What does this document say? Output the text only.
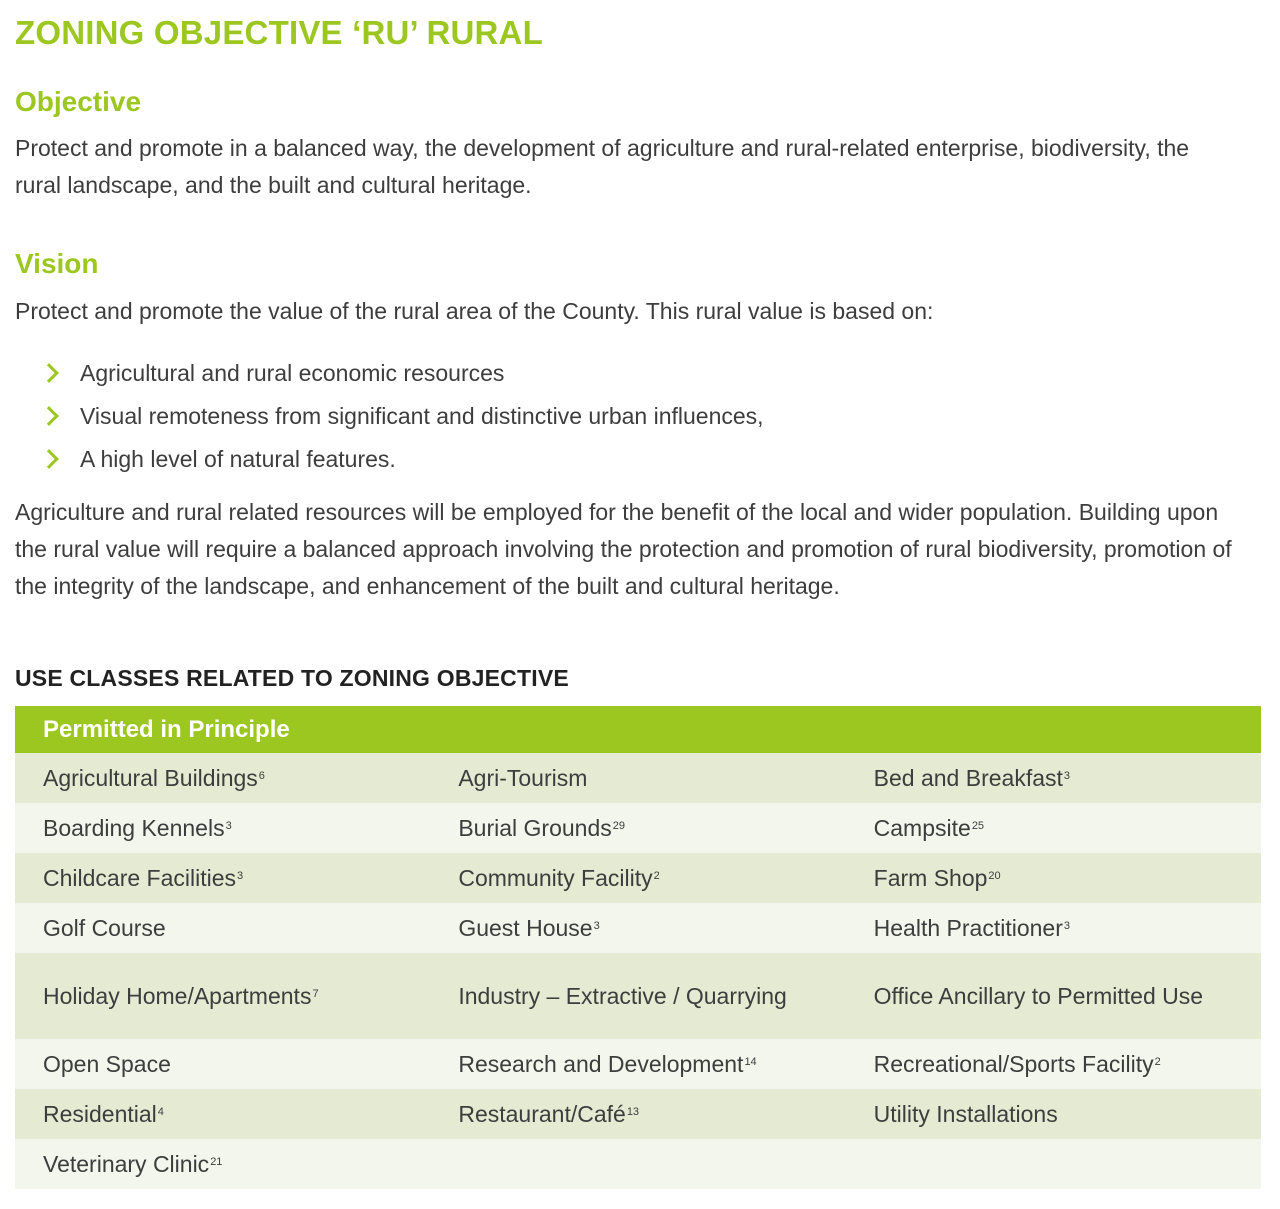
ZONING OBJECTIVE ‘RU’ RURAL
Objective

Protect and promote in a balanced way, the development of agriculture and rural-related enterprise, biodiversity, the rural landscape, and the built and cultural heritage.

Vision

Protect and promote the value of the rural area of the County. This rural value is based on:

Agricultural and rural economic resources
Visual remoteness from significant and distinctive urban influences,
A high level of natural features.

Agriculture and rural related resources will be employed for the benefit of the local and wider population. Building upon the rural value will require a balanced approach involving the protection and promotion of rural biodiversity, promotion of the integrity of the landscape, and enhancement of the built and cultural heritage.

USE CLASSES RELATED TO ZONING OBJECTIVE
Permitted in Principle		
Agricultural Buildings$^6$	Agri-Tourism	Bed and Breakfast$^3$
Boarding Kennels$^3$	Burial Grounds$^{29}$	Campsite$^{25}$
Childcare Facilities$^3$	Community Facility$^2$	Farm Shop$^{20}$
Golf Course	Guest House$^3$	Health Practitioner$^3$
Holiday Home/Apartments$^7$	Industry – Extractive / Quarrying	Office Ancillary to Permitted Use
Open Space	Research and Development$^{14}$	Recreational/Sports Facility$^2$
Residential$^4$	Restaurant/Café$^{13}$	Utility Installations
Veterinary Clinic$^{21}$		
